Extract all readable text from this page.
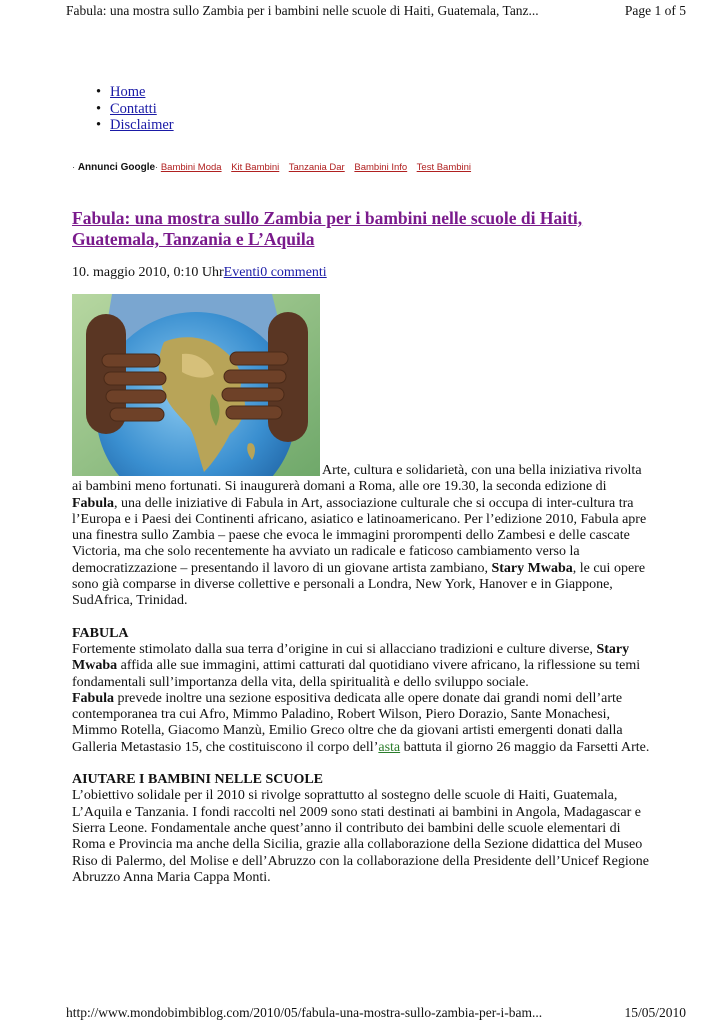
Fabula: una mostra sullo Zambia per i bambini nelle scuole di Haiti, Guatemala, Tanz...	Page 1 of 5
• Home
• Contatti
• Disclaimer
· Annunci Google· Bambini Moda Kit Bambini Tanzania Dar Bambini Info Test Bambini
Fabula: una mostra sullo Zambia per i bambini nelle scuole di Haiti, Guatemala, Tanzania e L’Aquila
10. maggio 2010, 0:10 UhrEventi0 commenti

Arte, cultura e solidarietà, con una bella iniziativa rivolta ai bambini meno fortunati. Si inaugurerà domani a Roma, alle ore 19.30, la seconda edizione di Fabula, una delle iniziative di Fabula in Art, associazione culturale che si occupa di inter-cultura tra l’Europa e i Paesi dei Continenti africano, asiatico e latinoamericano. Per l’edizione 2010, Fabula apre una finestra sullo Zambia – paese che evoca le immagini prorompenti dello Zambesi e delle cascate Victoria, ma che solo recentemente ha avviato un radicale e faticoso cambiamento verso la democratizzazione – presentando il lavoro di un giovane artista zambiano, Stary Mwaba, le cui opere sono già comparse in diverse collettive e personali a Londra, New York, Hanover e in Giappone, SudAfrica, Trinidad.

FABULA

Fortemente stimolato dalla sua terra d’origine in cui si allacciano tradizioni e culture diverse, Stary Mwaba affida alle sue immagini, attimi catturati dal quotidiano vivere africano, la riflessione su temi fondamentali sull’importanza della vita, della spiritualità e dello sviluppo sociale.

Fabula prevede inoltre una sezione espositiva dedicata alle opere donate dai grandi nomi dell’arte contemporanea tra cui Afro, Mimmo Paladino, Robert Wilson, Piero Dorazio, Sante Monachesi, Mimmo Rotella, Giacomo Manzù, Emilio Greco oltre che da giovani artisti emergenti donati dalla Galleria Metastasio 15, che costituiscono il corpo dell’asta battuta il giorno 26 maggio da Farsetti Arte.

AIUTARE I BAMBINI NELLE SCUOLE

L’obiettivo solidale per il 2010 si rivolge soprattutto al sostegno delle scuole di Haiti, Guatemala, L’Aquila e Tanzania. I fondi raccolti nel 2009 sono stati destinati ai bambini in Angola, Madagascar e Sierra Leone. Fondamentale anche quest’anno il contributo dei bambini delle scuole elementari di Roma e Provincia ma anche della Sicilia, grazie alla collaborazione della Sezione didattica del Museo Riso di Palermo, del Molise e dell’Abruzzo con la collaborazione della Presidente dell’Unicef Regione Abruzzo Anna Maria Cappa Monti.

http://www.mondobimbiblog.com/2010/05/fabula-una-mostra-sullo-zambia-per-i-bam...	15/05/2010
